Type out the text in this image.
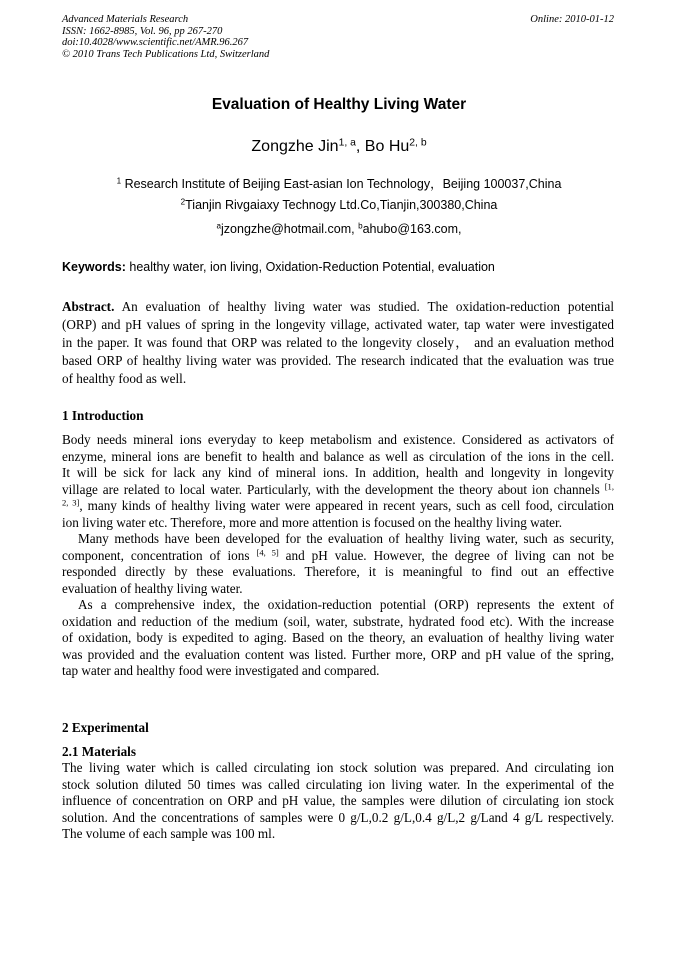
Advanced Materials Research
ISSN: 1662-8985, Vol. 96, pp 267-270
doi:10.4028/www.scientific.net/AMR.96.267
© 2010 Trans Tech Publications Ltd, Switzerland
Online: 2010-01-12
Evaluation of Healthy Living Water
Zongzhe Jin$^{1, a}$, Bo Hu$^{2, b}$
$^1$ Research Institute of Beijing East-asian Ion Technology，Beijing 100037,China
$^2$Tianjin Rivgaiaxy Technogy Ltd.Co,Tianjin,300380,China
$^a$jzongzhe@hotmail.com, $^b$ahubo@163.com,
Keywords: healthy water, ion living, Oxidation-Reduction Potential, evaluation
Abstract. An evaluation of healthy living water was studied. The oxidation-reduction potential
(ORP) and pH values of spring in the longevity village, activated water, tap water were investigated
in the paper. It was found that ORP was related to the longevity closely， and an evaluation method
based ORP of healthy living water was provided. The research indicated that the evaluation was true
of healthy food as well.
1 Introduction
Body needs mineral ions everyday to keep metabolism and existence. Considered as activators of
enzyme, mineral ions are benefit to health and balance as well as circulation of the ions in the cell.
It will be sick for lack any kind of mineral ions. In addition, health and longevity in longevity
village are related to local water. Particularly, with the development the theory about ion channels $^{[1,}$
$^{2, 3]}$, many kinds of healthy living water were appeared in recent years, such as cell food, circulation
ion living water etc. Therefore, more and more attention is focused on the healthy living water.
Many methods have been developed for the evaluation of healthy living water, such as security,
component, concentration of ions [4, 5] and pH value. However, the degree of living can not be
responded directly by these evaluations. Therefore, it is meaningful to find out an effective
evaluation of healthy living water.
As a comprehensive index, the oxidation-reduction potential (ORP) represents the extent of
oxidation and reduction of the medium (soil, water, substrate, hydrated food etc). With the increase
of oxidation, body is expedited to aging. Based on the theory, an evaluation of healthy living water
was provided and the evaluation content was listed. Further more, ORP and pH value of the spring,
tap water and healthy food were investigated and compared.
2 Experimental
2.1 Materials
The living water which is called circulating ion stock solution was prepared. And circulating ion
stock solution diluted 50 times was called circulating ion living water. In the experimental of the
influence of concentration on ORP and pH value, the samples were dilution of circulating ion stock
solution. And the concentrations of samples were 0 g/L,0.2 g/L,0.4 g/L,2 g/Land 4 g/L respectively.
The volume of each sample was 100 ml.
